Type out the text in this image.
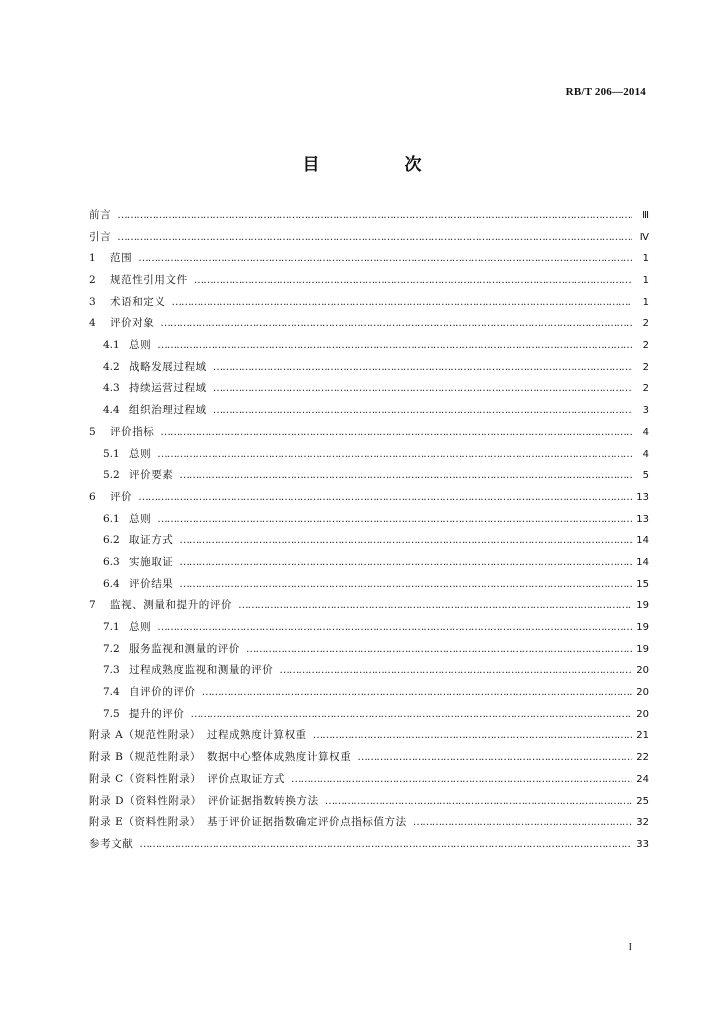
RB/T 206—2014
目　次
前言 …………………………………………………………………………………………………………………………………………………………………………………………………………………………………………………………	Ⅲ
引言 …………………………………………………………………………………………………………………………………………………………………………………………………………………………………………………………	Ⅳ
1	范围 …………………………………………………………………………………………………………………………………………………………………………………………………………………………………………………………	1
2	规范性引用文件 …………………………………………………………………………………………………………………………………………………………………………………………………………………………………………………………	1
3	术语和定义 …………………………………………………………………………………………………………………………………………………………………………………………………………………………………………………………	1
4	评价对象 …………………………………………………………………………………………………………………………………………………………………………………………………………………………………………………………	2
4.1 总则 …………………………………………………………………………………………………………………………………………………………………………………………………………………………………………………………	2
4.2 战略发展过程域 …………………………………………………………………………………………………………………………………………………………………………………………………………………………………………………………	2
4.3 持续运营过程域 …………………………………………………………………………………………………………………………………………………………………………………………………………………………………………………………	2
4.4 组织治理过程域 …………………………………………………………………………………………………………………………………………………………………………………………………………………………………………………………	3
5	评价指标 …………………………………………………………………………………………………………………………………………………………………………………………………………………………………………………………	4
5.1 总则 …………………………………………………………………………………………………………………………………………………………………………………………………………………………………………………………	4
5.2 评价要素 …………………………………………………………………………………………………………………………………………………………………………………………………………………………………………………………	5
6	评价 …………………………………………………………………………………………………………………………………………………………………………………………………………………………………………………………	13
6.1 总则 …………………………………………………………………………………………………………………………………………………………………………………………………………………………………………………………	13
6.2 取证方式 …………………………………………………………………………………………………………………………………………………………………………………………………………………………………………………………	14
6.3 实施取证 …………………………………………………………………………………………………………………………………………………………………………………………………………………………………………………………	14
6.4 评价结果 …………………………………………………………………………………………………………………………………………………………………………………………………………………………………………………………	15
7	监视、测量和提升的评价 …………………………………………………………………………………………………………………………………………………………………………………………………………………………………………………………	19
7.1 总则 …………………………………………………………………………………………………………………………………………………………………………………………………………………………………………………………	19
7.2 服务监视和测量的评价 …………………………………………………………………………………………………………………………………………………………………………………………………………………………………………………………	19
7.3 过程成熟度监视和测量的评价 …………………………………………………………………………………………………………………………………………………………………………………………………………………………………………………………	20
7.4 自评价的评价 …………………………………………………………………………………………………………………………………………………………………………………………………………………………………………………………	20
7.5 提升的评价 …………………………………………………………………………………………………………………………………………………………………………………………………………………………………………………………	20
附录 A（规范性附录）　过程成熟度计算权重 …………………………………………………………………………………………………………………………………………………………………………………………………………………………………………………………	21
附录 B（规范性附录）　数据中心整体成熟度计算权重 …………………………………………………………………………………………………………………………………………………………………………………………………………………………………………………………	22
附录 C（资料性附录）　评价点取证方式 …………………………………………………………………………………………………………………………………………………………………………………………………………………………………………………………	24
附录 D（资料性附录）　评价证据指数转换方法 …………………………………………………………………………………………………………………………………………………………………………………………………………………………………………………………	25
附录 E（资料性附录）　基于评价证据指数确定评价点指标值方法 …………………………………………………………………………………………………………………………………………………………………………………………………………………………………………………………	32
参考文献 …………………………………………………………………………………………………………………………………………………………………………………………………………………………………………………………	33
I
